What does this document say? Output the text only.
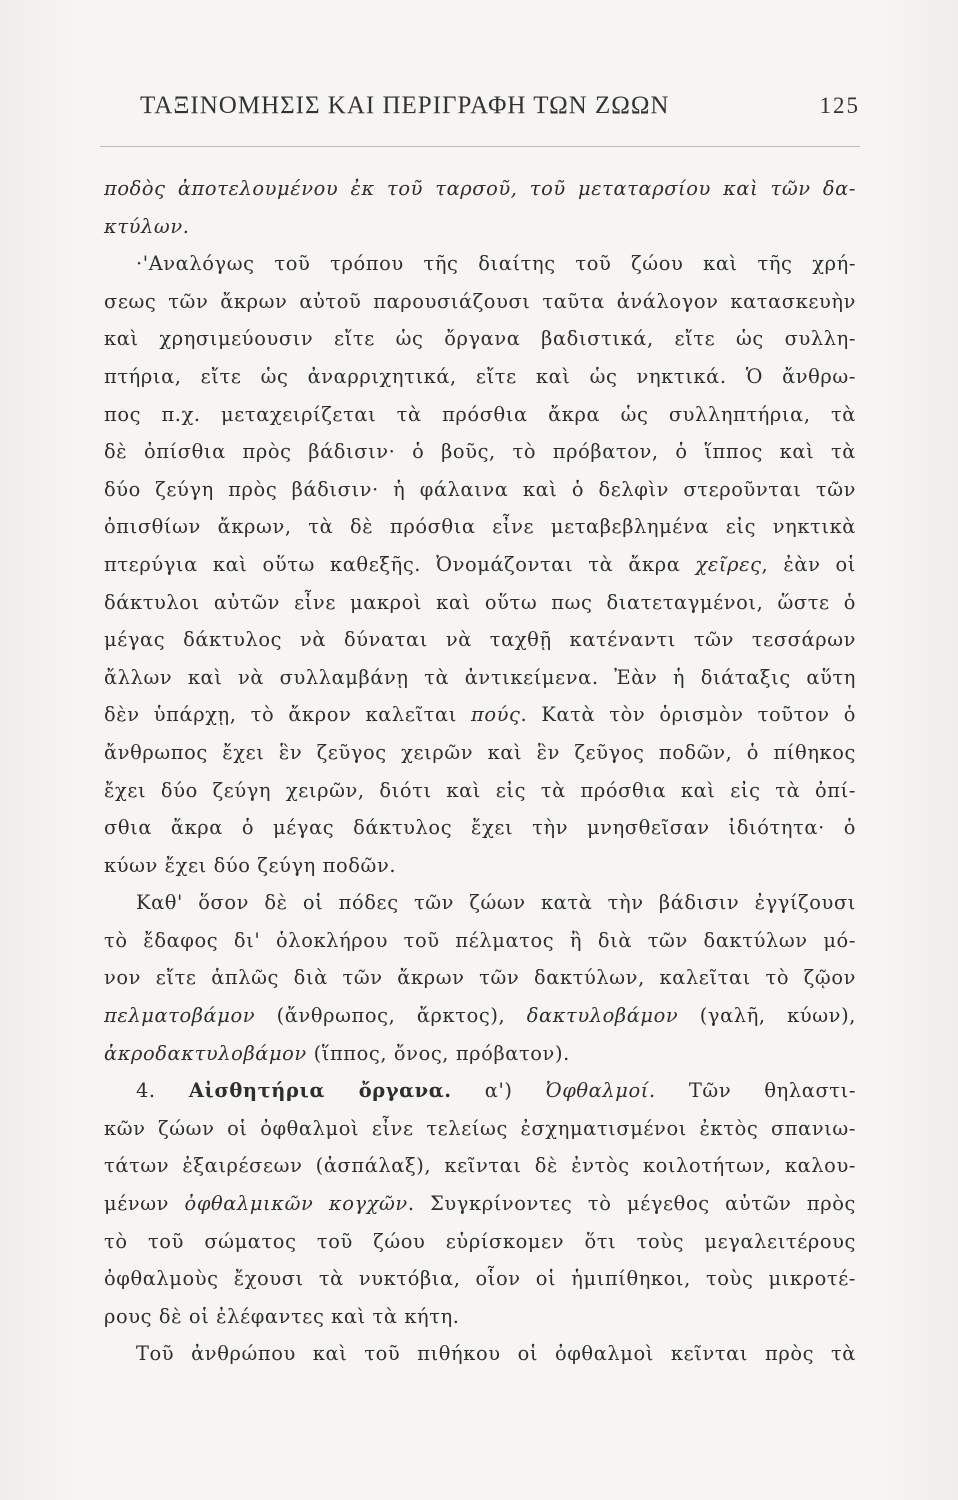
ΤΑΞΙΝΟΜΗΣΙΣ ΚΑΙ ΠΕΡΙΓΡΑΦΗ ΤΩΝ ΖΩΩΝ	125

ποδὸς ἀποτελουμένου ἐκ τοῦ ταρσοῦ, τοῦ μεταταρσίου καὶ τῶν δα-
κτύλων.

·'Αναλόγως τοῦ τρόπου τῆς διαίτης τοῦ ζώου καὶ τῆς χρή-
σεως τῶν ἄκρων αὐτοῦ παρουσιάζουσι ταῦτα ἀνάλογον κατασκευὴν
καὶ χρησιμεύουσιν εἴτε ὡς ὄργανα βαδιστικά, εἴτε ὡς συλλη-
πτήρια, εἴτε ὡς ἀναρριχητικά, εἴτε καὶ ὡς νηκτικά. Ὁ ἄνθρω-
πος π.χ. μεταχειρίζεται τὰ πρόσθια ἄκρα ὡς συλληπτήρια, τὰ
δὲ ὀπίσθια πρὸς βάδισιν· ὁ βοῦς, τὸ πρόβατον, ὁ ἵππος καὶ τὰ
δύο ζεύγη πρὸς βάδισιν· ἡ φάλαινα καὶ ὁ δελφὶν στεροῦνται τῶν
ὀπισθίων ἄκρων, τὰ δὲ πρόσθια εἶνε μεταβεβλημένα εἰς νηκτικὰ
πτερύγια καὶ οὕτω καθεξῆς. Ὀνομάζονται τὰ ἄκρα χεῖρες, ἐὰν οἱ
δάκτυλοι αὐτῶν εἶνε μακροὶ καὶ οὕτω πως διατεταγμένοι, ὥστε ὁ
μέγας δάκτυλος νὰ δύναται νὰ ταχθῇ κατέναντι τῶν τεσσάρων
ἄλλων καὶ νὰ συλλαμβάνῃ τὰ ἀντικείμενα. Ἐὰν ἡ διάταξις αὕτη
δὲν ὑπάρχῃ, τὸ ἄκρον καλεῖται πούς. Κατὰ τὸν ὁρισμὸν τοῦτον ὁ
ἄνθρωπος ἔχει ἓν ζεῦγος χειρῶν καὶ ἓν ζεῦγος ποδῶν, ὁ πίθηκος
ἔχει δύο ζεύγη χειρῶν, διότι καὶ εἰς τὰ πρόσθια καὶ εἰς τὰ ὀπί-
σθια ἄκρα ὁ μέγας δάκτυλος ἔχει τὴν μνησθεῖσαν ἰδιότητα· ὁ
κύων ἔχει δύο ζεύγη ποδῶν.

Καθ' ὅσον δὲ οἱ πόδες τῶν ζώων κατὰ τὴν βάδισιν ἐγγίζουσι
τὸ ἔδαφος δι' ὁλοκλήρου τοῦ πέλματος ἢ διὰ τῶν δακτύλων μό-
νον εἴτε ἁπλῶς διὰ τῶν ἄκρων τῶν δακτύλων, καλεῖται τὸ ζῷον
πελματοβάμον (ἄνθρωπος, ἄρκτος), δακτυλοβάμον (γαλῆ, κύων),
ἀκροδακτυλοβάμον (ἵππος, ὄνος, πρόβατον).

4. Αἰσθητήρια ὄργανα. α') Ὀφθαλμοί. Τῶν θηλαστι-
κῶν ζώων οἱ ὀφθαλμοὶ εἶνε τελείως ἐσχηματισμένοι ἐκτὸς σπανιω-
τάτων ἐξαιρέσεων (ἀσπάλαξ), κεῖνται δὲ ἐντὸς κοιλοτήτων, καλου-
μένων ὀφθαλμικῶν κογχῶν. Συγκρίνοντες τὸ μέγεθος αὐτῶν πρὸς
τὸ τοῦ σώματος τοῦ ζώου εὑρίσκομεν ὅτι τοὺς μεγαλειτέρους
ὀφθαλμοὺς ἔχουσι τὰ νυκτόβια, οἷον οἱ ἡμιπίθηκοι, τοὺς μικροτέ-
ρους δὲ οἱ ἐλέφαντες καὶ τὰ κήτη.

Τοῦ ἀνθρώπου καὶ τοῦ πιθήκου οἱ ὀφθαλμοὶ κεῖνται πρὸς τὰ
